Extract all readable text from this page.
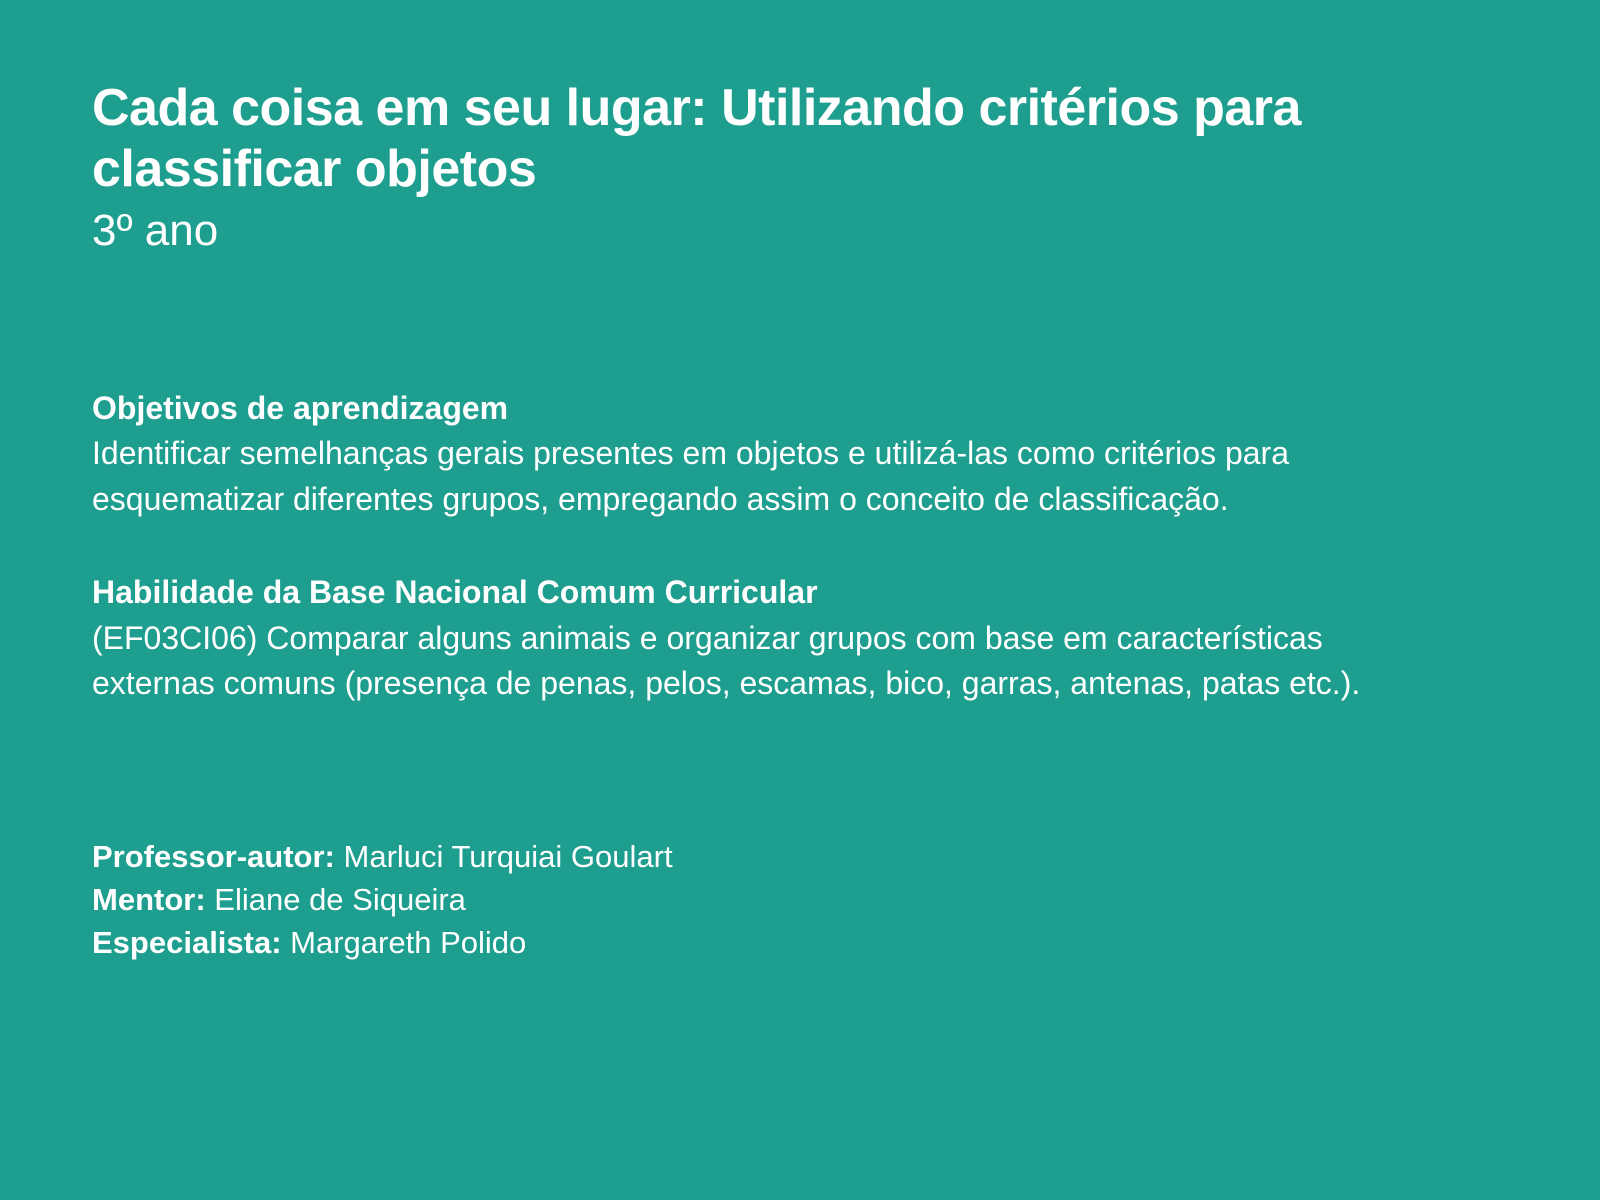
Cada coisa em seu lugar: Utilizando critérios para classificar objetos
3º ano
Objetivos de aprendizagem

Identificar semelhanças gerais presentes em objetos e utilizá-las como critérios para esquematizar diferentes grupos, empregando assim o conceito de classificação.

Habilidade da Base Nacional Comum Curricular

(EF03CI06) Comparar alguns animais e organizar grupos com base em características externas comuns (presença de penas, pelos, escamas, bico, garras, antenas, patas etc.).

Professor-autor: Marluci Turquiai Goulart
Mentor: Eliane de Siqueira
Especialista: Margareth Polido
